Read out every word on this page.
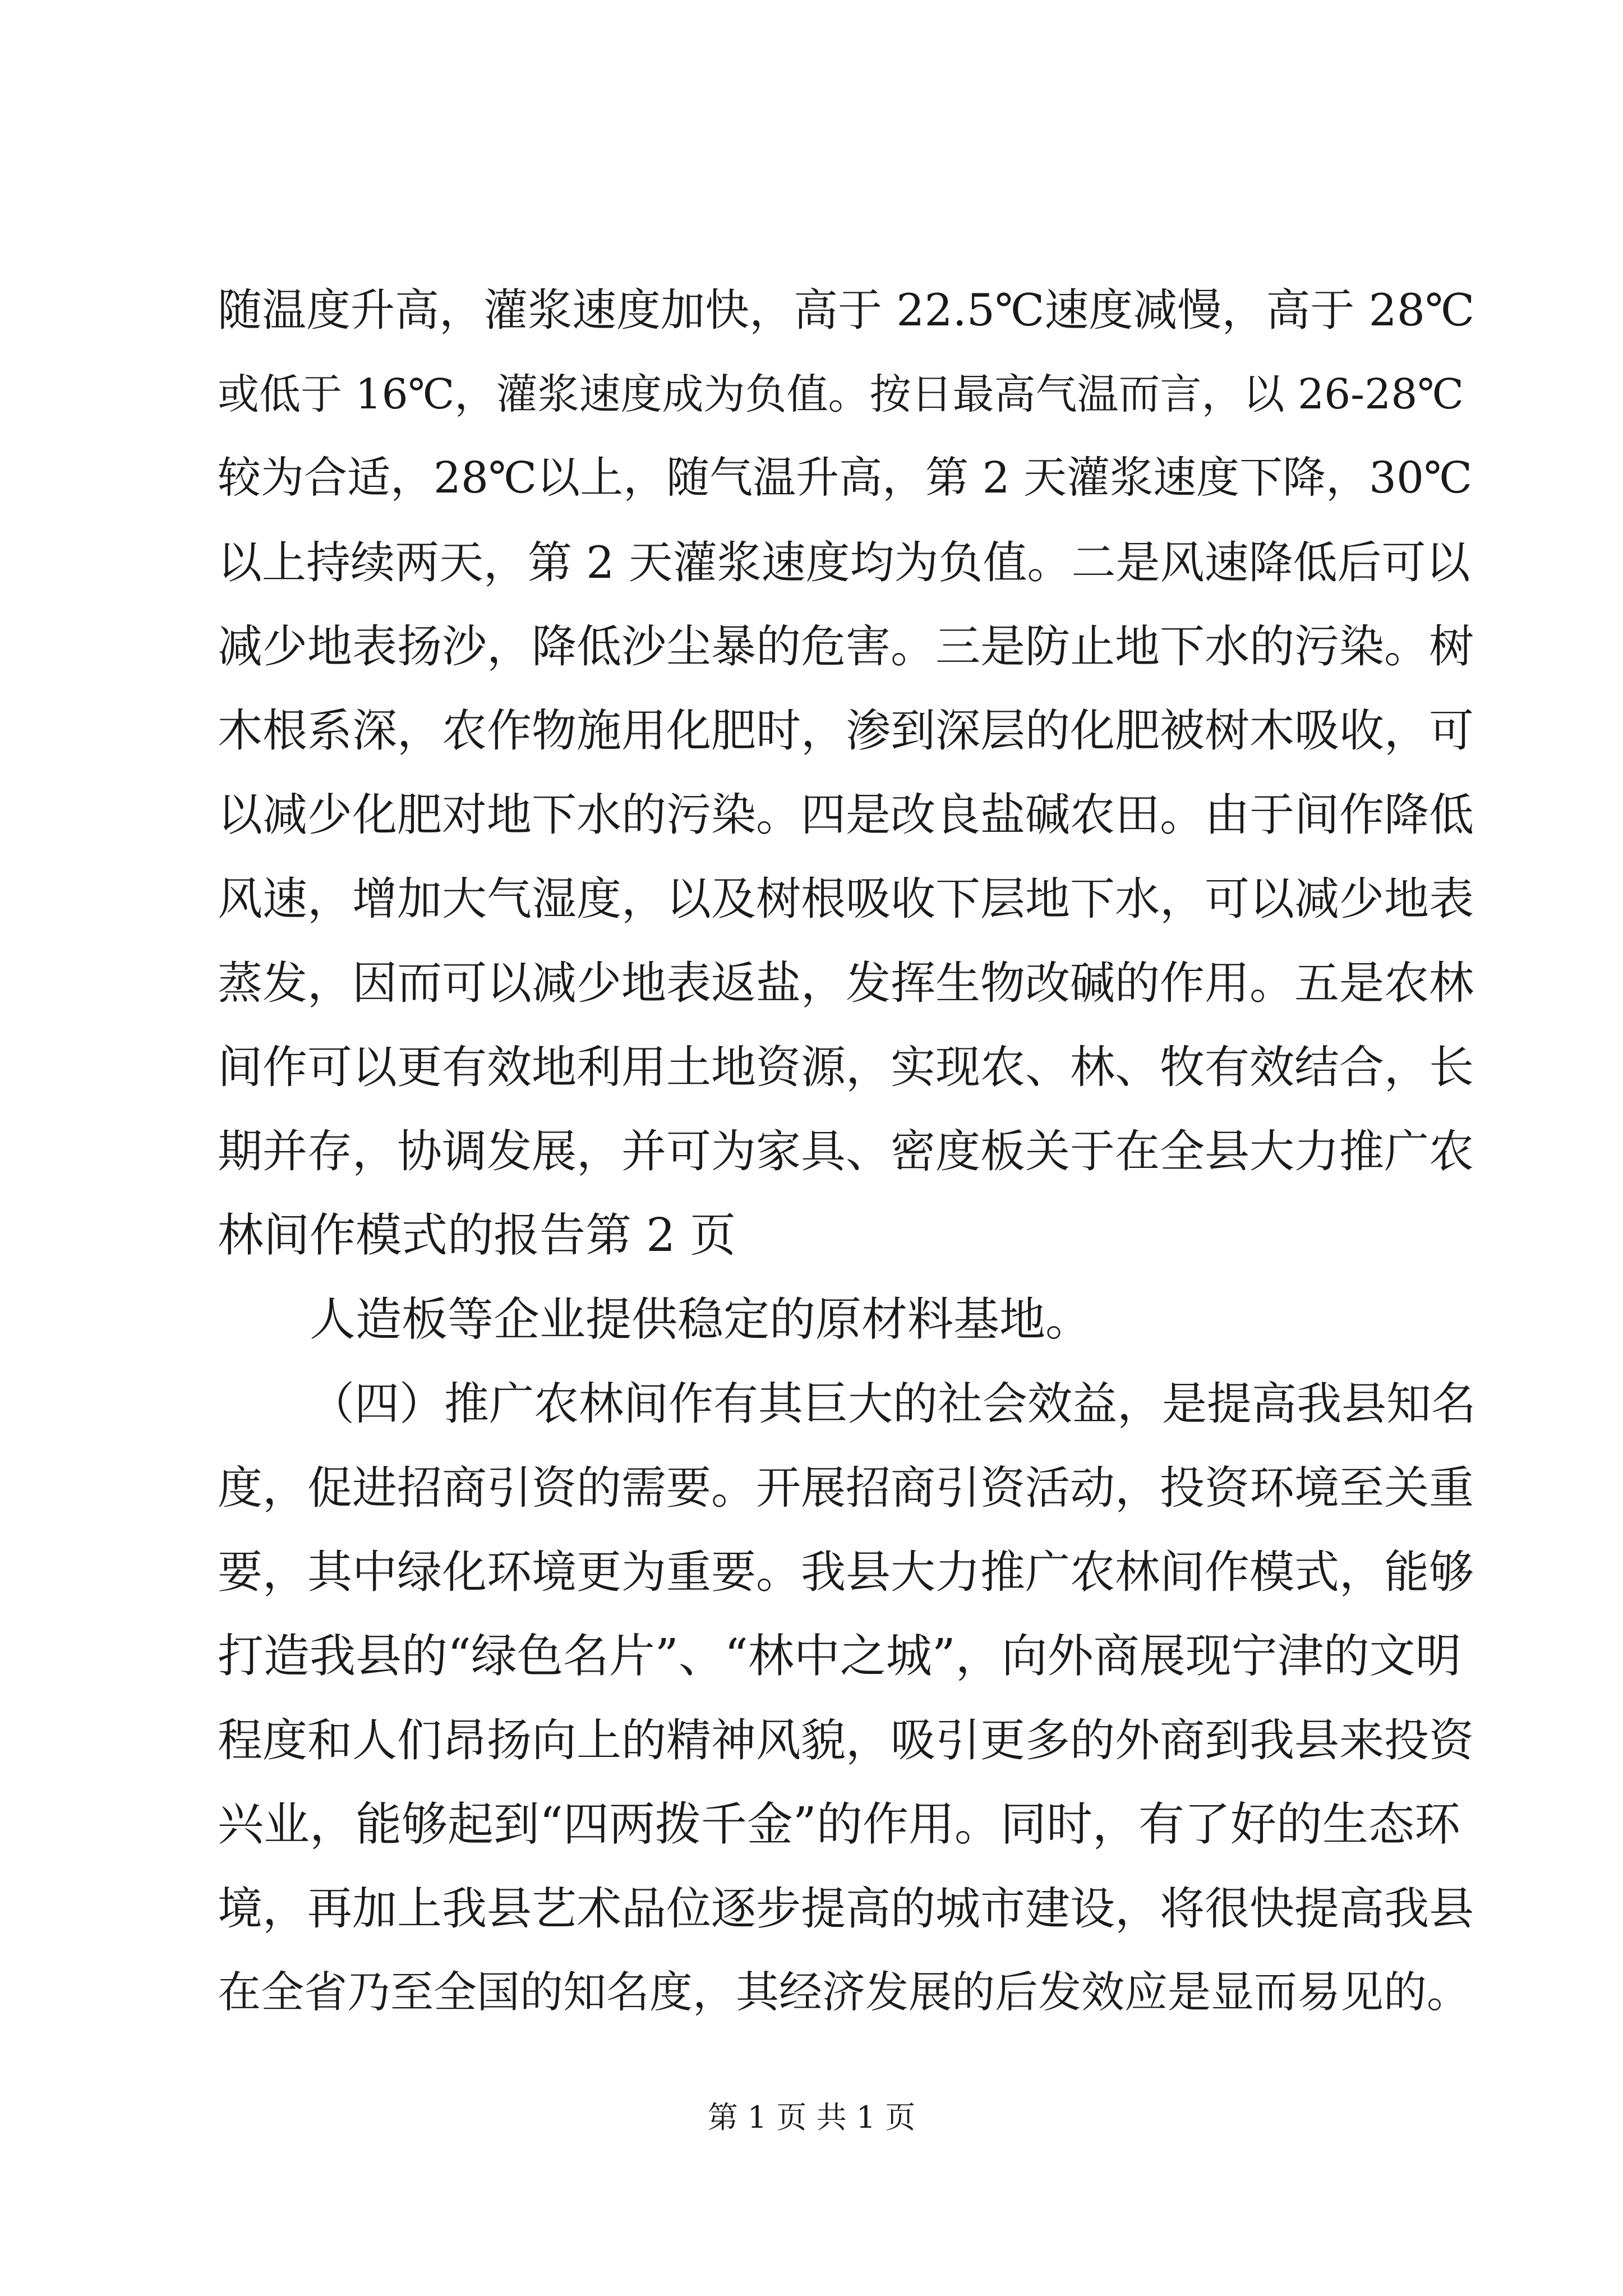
随温度升高，灌浆速度加快，高于 22.5℃速度减慢，高于 28℃
或低于 16℃，灌浆速度成为负值。按日最高气温而言，以 26-28℃
较为合适，28℃以上，随气温升高，第 2 天灌浆速度下降，30℃
以上持续两天，第 2 天灌浆速度均为负值。二是风速降低后可以
减少地表扬沙，降低沙尘暴的危害。三是防止地下水的污染。树
木根系深，农作物施用化肥时，渗到深层的化肥被树木吸收，可
以减少化肥对地下水的污染。四是改良盐碱农田。由于间作降低
风速，增加大气湿度，以及树根吸收下层地下水，可以减少地表
蒸发，因而可以减少地表返盐，发挥生物改碱的作用。五是农林
间作可以更有效地利用土地资源，实现农、林、牧有效结合，长
期并存，协调发展，并可为家具、密度板关于在全县大力推广农
林间作模式的报告第 2 页
人造板等企业提供稳定的原材料基地。
（四）推广农林间作有其巨大的社会效益，是提高我县知名
度，促进招商引资的需要。开展招商引资活动，投资环境至关重
要，其中绿化环境更为重要。我县大力推广农林间作模式，能够
打造我县的“绿色名片”、“林中之城”，向外商展现宁津的文明
程度和人们昂扬向上的精神风貌，吸引更多的外商到我县来投资
兴业，能够起到“四两拨千金”的作用。同时，有了好的生态环
境，再加上我县艺术品位逐步提高的城市建设，将很快提高我县
在全省乃至全国的知名度，其经济发展的后发效应是显而易见的。
第 1 页 共 1 页
